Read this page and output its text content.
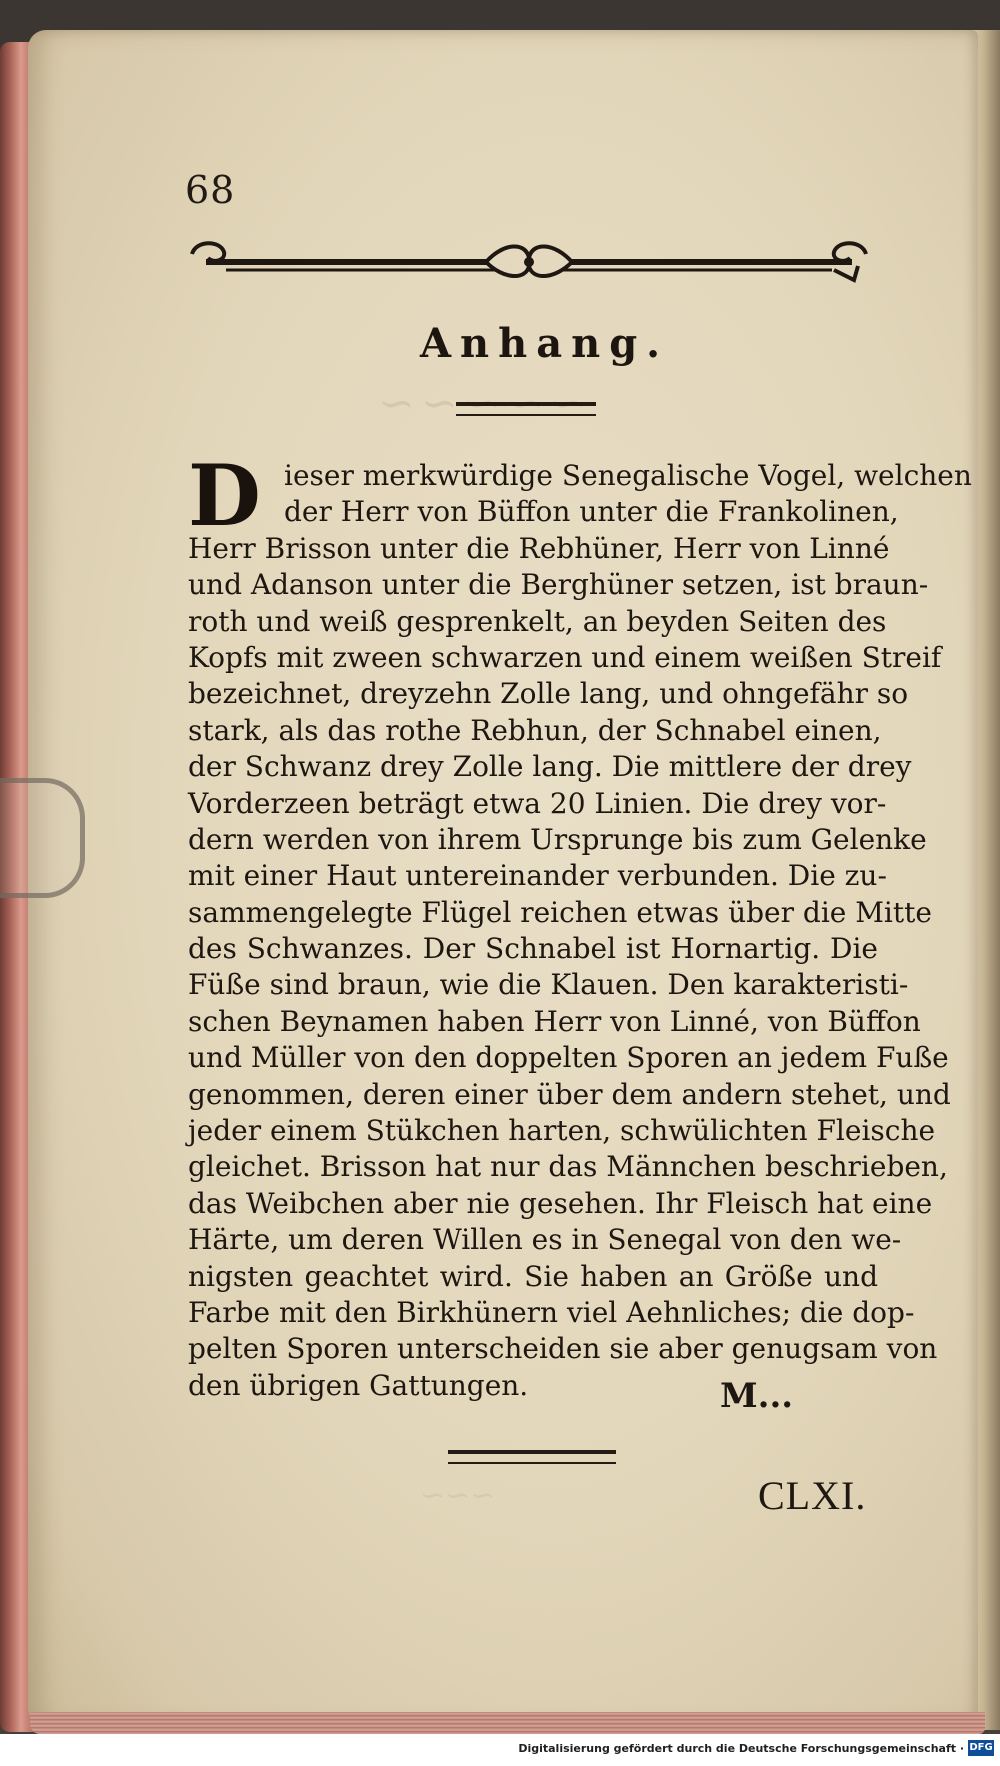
68
~~~~~
Anhang.
D ieser merkwürdige Senegalische Vogel, welchen
der Herr von Büffon unter die Frankolinen,
Herr Brisson unter die Rebhüner, Herr von Linné
und Adanson unter die Berghüner setzen, ist braun-
roth und weiß gesprenkelt, an beyden Seiten des
Kopfs mit zween schwarzen und einem weißen Streif
bezeichnet, dreyzehn Zolle lang, und ohngefähr so
stark, als das rothe Rebhun, der Schnabel einen,
der Schwanz drey Zolle lang. Die mittlere der drey
Vorderzeen beträgt etwa 20 Linien. Die drey vor-
dern werden von ihrem Ursprunge bis zum Gelenke
mit einer Haut untereinander verbunden. Die zu-
sammengelegte Flügel reichen etwas über die Mitte
des Schwanzes. Der Schnabel ist Hornartig. Die
Füße sind braun, wie die Klauen. Den karakteristi-
schen Beynamen haben Herr von Linné, von Büffon
und Müller von den doppelten Sporen an jedem Fuße
genommen, deren einer über dem andern stehet, und
jeder einem Stükchen harten, schwülichten Fleische
gleichet. Brisson hat nur das Männchen beschrieben,
das Weibchen aber nie gesehen. Ihr Fleisch hat eine
Härte, um deren Willen es in Senegal von den we-
nigsten geachtet wird. Sie haben an Größe und
Farbe mit den Birkhünern viel Aehnliches; die dop-
pelten Sporen unterscheiden sie aber genugsam von
den übrigen Gattungen.	M...
~~~	CLXI.
Digitalisierung gefördert durch die Deutsche Forschungsgemeinschaft · DFG
